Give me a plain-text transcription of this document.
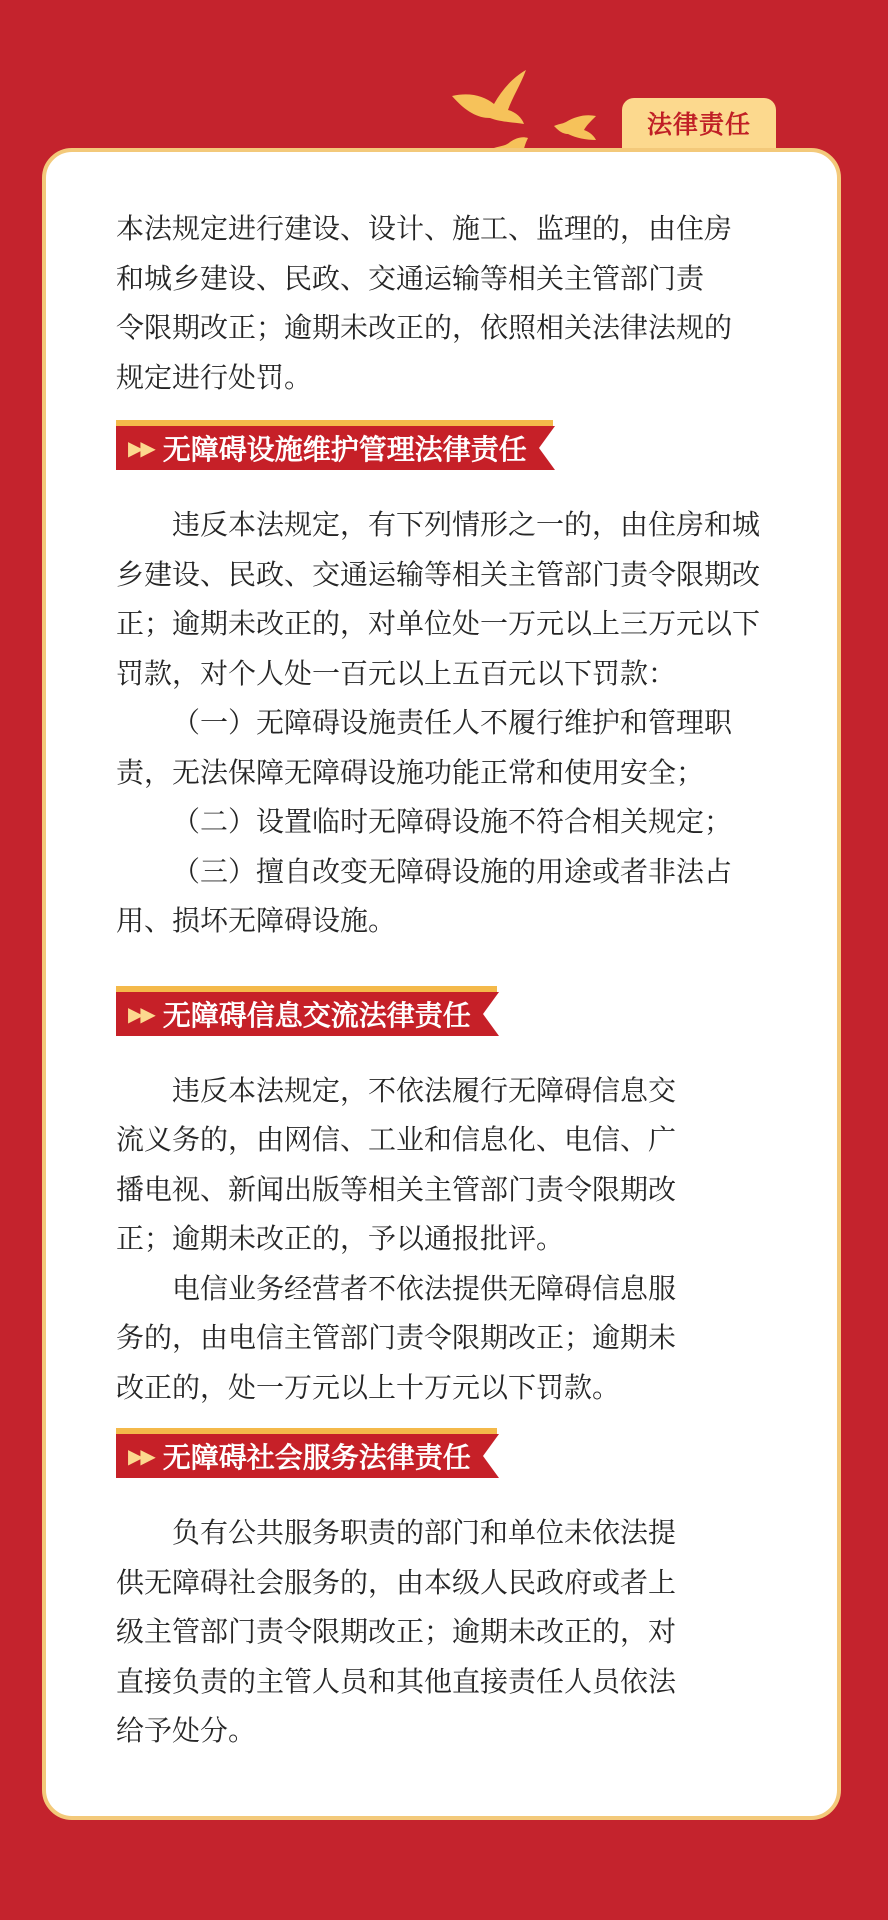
法律责任

本法规定进行建设、设计、施工、监理的，由住房

和城乡建设、民政、交通运输等相关主管部门责

令限期改正；逾期未改正的，依照相关法律法规的

规定进行处罚。

▶▶ 无障碍设施维护管理法律责任

违反本法规定，有下列情形之一的，由住房和城

乡建设、民政、交通运输等相关主管部门责令限期改

正；逾期未改正的，对单位处一万元以上三万元以下

罚款，对个人处一百元以上五百元以下罚款：

（一）无障碍设施责任人不履行维护和管理职

责，无法保障无障碍设施功能正常和使用安全；

（二）设置临时无障碍设施不符合相关规定；

（三）擅自改变无障碍设施的用途或者非法占

用、损坏无障碍设施。

▶▶ 无障碍信息交流法律责任

违反本法规定，不依法履行无障碍信息交

流义务的，由网信、工业和信息化、电信、广

播电视、新闻出版等相关主管部门责令限期改

正；逾期未改正的，予以通报批评。

电信业务经营者不依法提供无障碍信息服

务的，由电信主管部门责令限期改正；逾期未

改正的，处一万元以上十万元以下罚款。

▶▶ 无障碍社会服务法律责任

负有公共服务职责的部门和单位未依法提

供无障碍社会服务的，由本级人民政府或者上

级主管部门责令限期改正；逾期未改正的，对

直接负责的主管人员和其他直接责任人员依法

给予处分。
